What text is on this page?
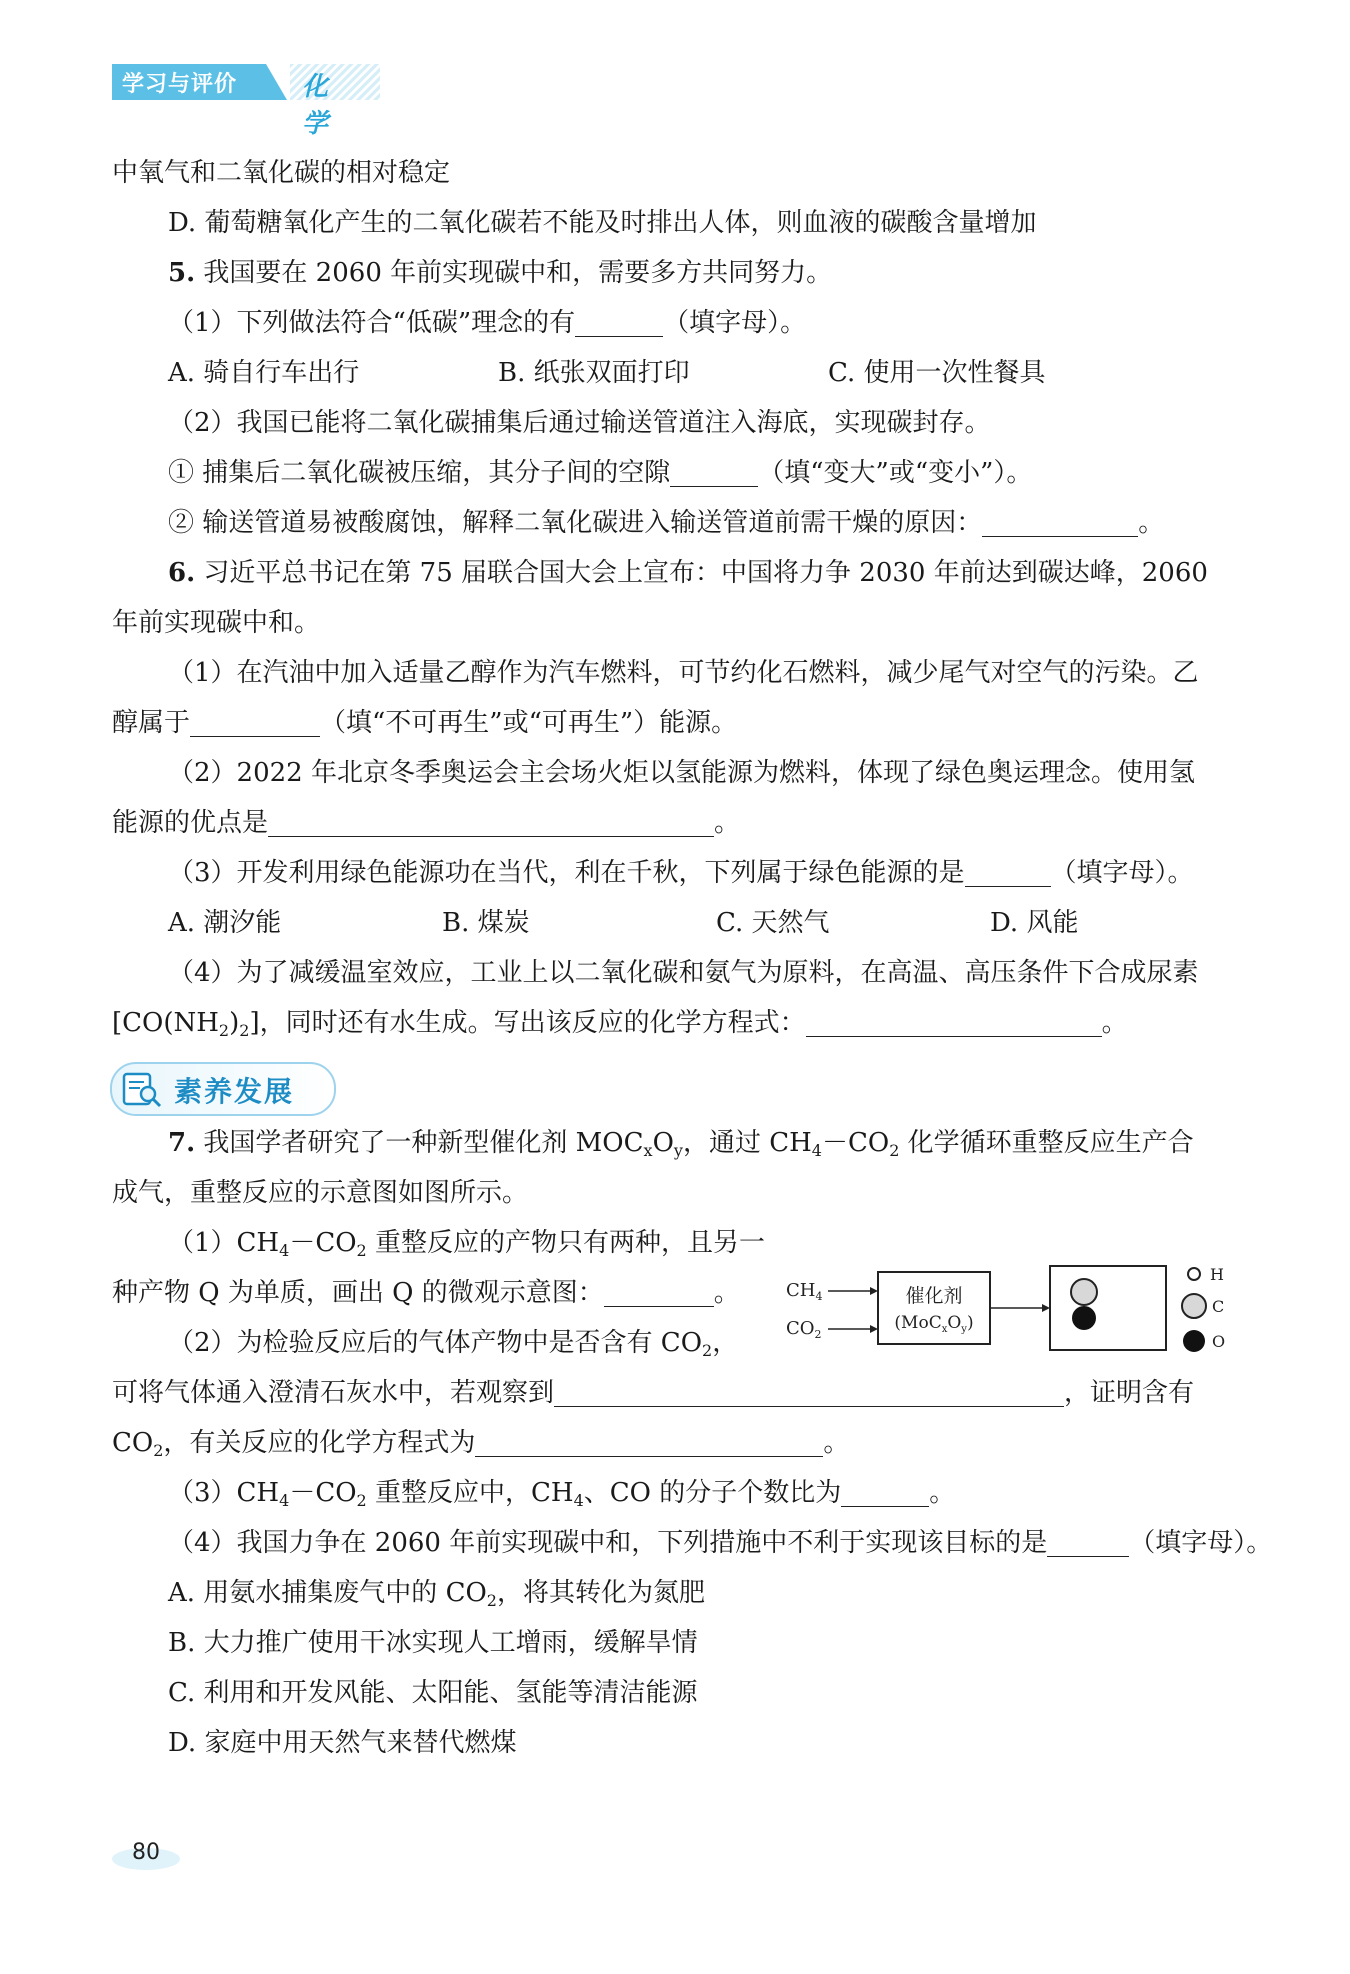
学习与评价 化 学
中氧气和二氧化碳的相对稳定
D. 葡萄糖氧化产生的二氧化碳若不能及时排出人体，则血液的碳酸含量增加
5. 我国要在 2060 年前实现碳中和，需要多方共同努力。
（1）下列做法符合“低碳”理念的有	（填字母）。
A. 骑自行车出行	B. 纸张双面打印	C. 使用一次性餐具
（2）我国已能将二氧化碳捕集后通过输送管道注入海底，实现碳封存。
① 捕集后二氧化碳被压缩，其分子间的空隙	（填“变大”或“变小”）。
② 输送管道易被酸腐蚀，解释二氧化碳进入输送管道前需干燥的原因：	。
6. 习近平总书记在第 75 届联合国大会上宣布：中国将力争 2030 年前达到碳达峰，2060
年前实现碳中和。
（1）在汽油中加入适量乙醇作为汽车燃料，可节约化石燃料，减少尾气对空气的污染。乙
醇属于	（填“不可再生”或“可再生”）能源。
（2）2022 年北京冬季奥运会主会场火炬以氢能源为燃料，体现了绿色奥运理念。使用氢
能源的优点是	。
（3）开发利用绿色能源功在当代，利在千秋，下列属于绿色能源的是	（填字母）。
A. 潮汐能	B. 煤炭	C. 天然气	D. 风能
（4）为了减缓温室效应，工业上以二氧化碳和氨气为原料，在高温、高压条件下合成尿素
$[CO(NH_2)_2]$，同时还有水生成。写出该反应的化学方程式：	。
素养发展
7. 我国学者研究了一种新型催化剂 $MOC_xO_y$，通过 $CH_4-CO_2$ 化学循环重整反应生产合
成气，重整反应的示意图如图所示。
$(1)CH_4-CO_2$ 重整反应的产物只有两种，且另一
种产物 Q 为单质，画出 Q 的微观示意图：	。
（2）为检验反应后的气体产物中是否含有 $CO_2$，
可将气体通入澄清石灰水中，若观察到	，证明含有
$CO_2$，有关反应的化学方程式为	。
$(3)CH_4-CO_2$ 重整反应中，$CH_4$、CO 的分子个数比为	。
（4）我国力争在 2060 年前实现碳中和，下列措施中不利于实现该目标的是	（填字母）。
A. 用氨水捕集废气中的 $CO_2$，将其转化为氮肥
B. 大力推广使用干冰实现人工增雨，缓解旱情
C. 利用和开发风能、太阳能、氢能等清洁能源
D. 家庭中用天然气来替代燃煤
$CH_4$
$CO_2$
催化剂
$(MoC_xO_y)$
H
C
O
80
